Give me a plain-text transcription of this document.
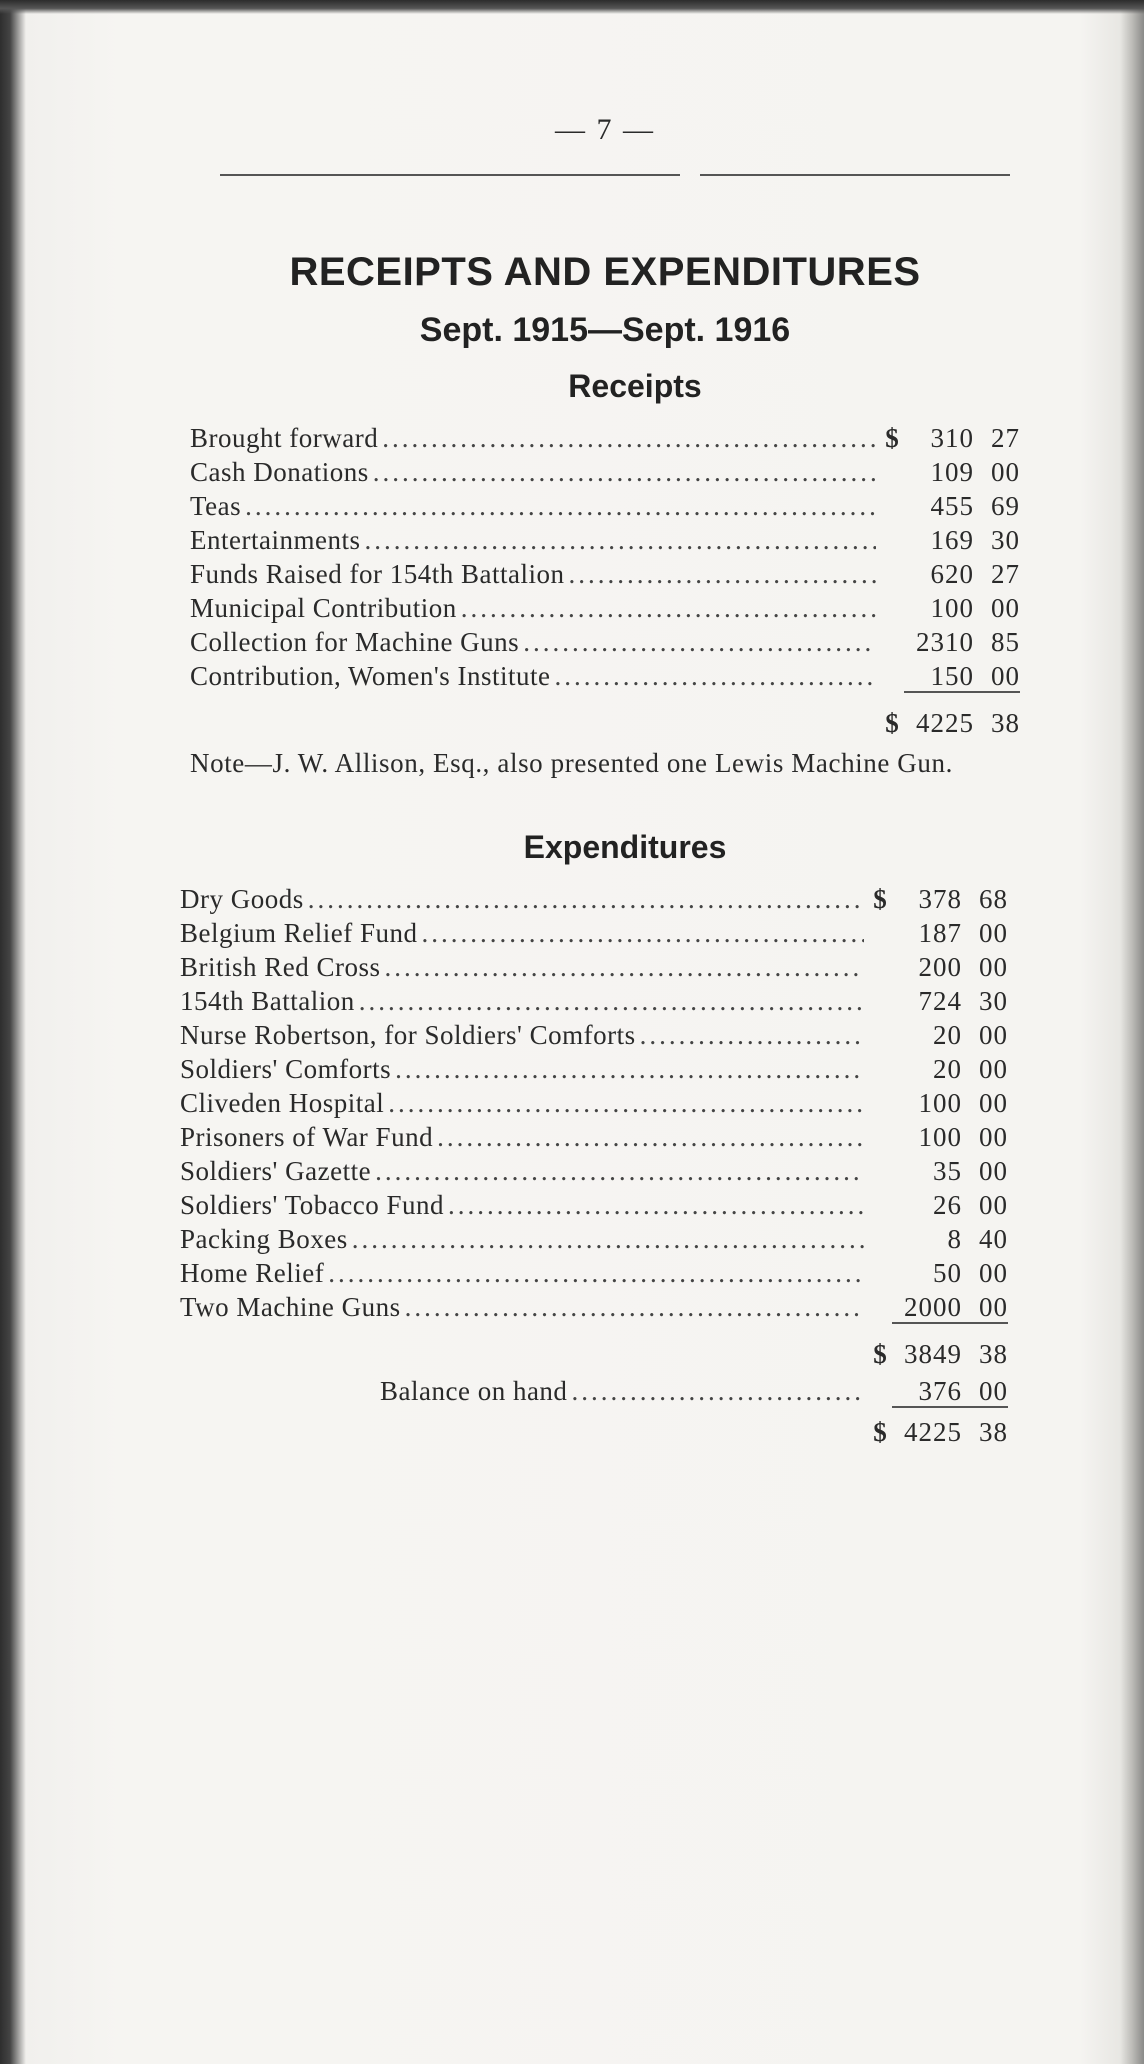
— 7 —
RECEIPTS AND EXPENDITURES
Sept. 1915—Sept. 1916
Receipts
Brought forward .....	$	310 27
Cash Donations .....	109 00
Teas .....	455 69
Entertainments .....	169 30
Funds Raised for 154th Battalion .....	620 27
Municipal Contribution .....	100 00
Collection for Machine Guns .....	2310 85
Contribution, Women's Institute .....	150 00
$ 4225 38
Note—J. W. Allison, Esq., also presented one Lewis Machine Gun.
Expenditures
Dry Goods .....	$	378 68
Belgium Relief Fund .....	187 00
British Red Cross .....	200 00
154th Battalion .....	724 30
Nurse Robertson, for Soldiers' Comforts .....	20 00
Soldiers' Comforts .....	20 00
Cliveden Hospital .....	100 00
Prisoners of War Fund .....	100 00
Soldiers' Gazette .....	35 00
Soldiers' Tobacco Fund .....	26 00
Packing Boxes .....	8 40
Home Relief .....	50 00
Two Machine Guns .....	2000 00
$ 3849 38
Balance on hand .....	376 00
$ 4225 38
